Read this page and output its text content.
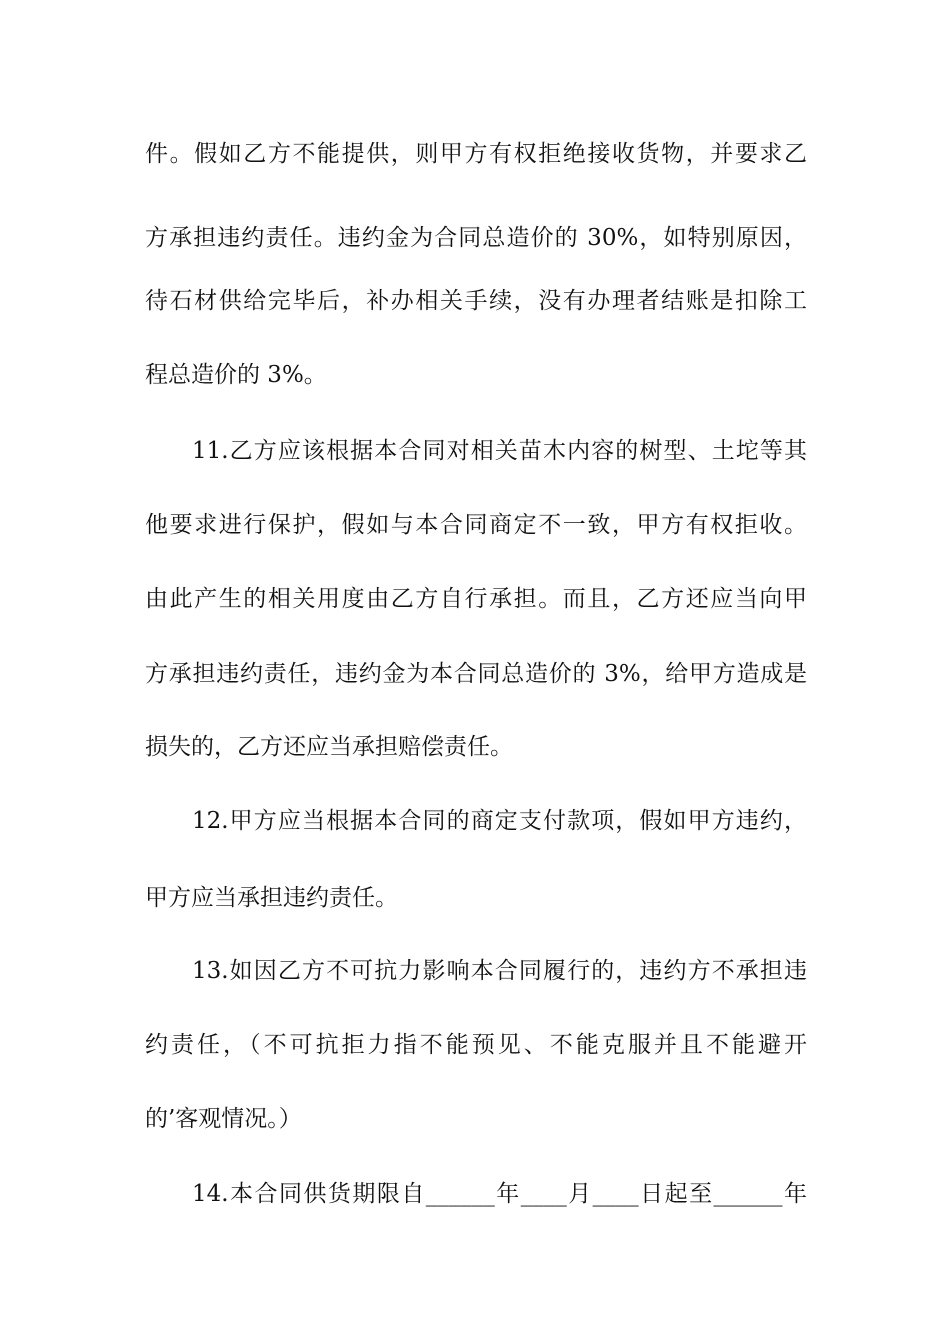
件。假如乙方不能提供，则甲方有权拒绝接收货物，并要求乙
方承担违约责任。违约金为合同总造价的 30%，如特别原因，
待石材供给完毕后，补办相关手续，没有办理者结账是扣除工
程总造价的 3%。
11.乙方应该根据本合同对相关苗木内容的树型、土坨等其
他要求进行保护，假如与本合同商定不一致，甲方有权拒收。
由此产生的相关用度由乙方自行承担。而且，乙方还应当向甲
方承担违约责任，违约金为本合同总造价的 3%，给甲方造成是
损失的，乙方还应当承担赔偿责任。
12.甲方应当根据本合同的商定支付款项，假如甲方违约，
甲方应当承担违约责任。
13.如因乙方不可抗力影响本合同履行的，违约方不承担违
约责任，（不可抗拒力指不能预见、不能克服并且不能避开
的’客观情况。）
14.本合同供货期限自______年____月____日起至______年
